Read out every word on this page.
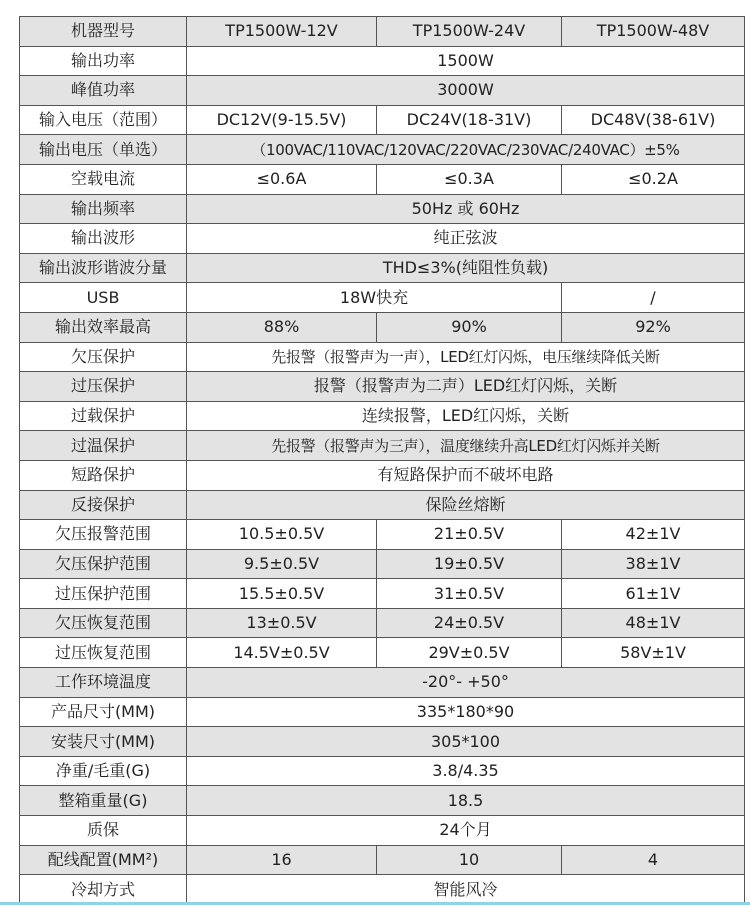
机器型号	TP1500W-12V	TP1500W-24V	TP1500W-48V
输出功率	1500W		
峰值功率	3000W		
输入电压（范围）	DC12V(9-15.5V)	DC24V(18-31V)	DC48V(38-61V)
输出电压（单选）	（100VAC/110VAC/120VAC/220VAC/230VAC/240VAC）±5%		
空载电流	≤0.6A	≤0.3A	≤0.2A
输出频率	50Hz 或 60Hz		
输出波形	纯正弦波		
输出波形谐波分量	THD≤3%(纯阻性负载)		
USB	18W快充		/
输出效率最高	88%	90%	92%
欠压保护	先报警（报警声为一声），LED红灯闪烁，电压继续降低关断		
过压保护	报警（报警声为二声）LED红灯闪烁，关断		
过载保护	连续报警，LED红闪烁，关断		
过温保护	先报警（报警声为三声），温度继续升高LED红灯闪烁并关断		
短路保护	有短路保护而不破坏电路		
反接保护	保险丝熔断		
欠压报警范围	10.5±0.5V	21±0.5V	42±1V
欠压保护范围	9.5±0.5V	19±0.5V	38±1V
过压保护范围	15.5±0.5V	31±0.5V	61±1V
欠压恢复范围	13±0.5V	24±0.5V	48±1V
过压恢复范围	14.5V±0.5V	29V±0.5V	58V±1V
工作环境温度	-20°- +50°		
产品尺寸(MM)	335*180*90		
安装尺寸(MM)	305*100		
净重/毛重(G)	3.8/4.35		
整箱重量(G)	18.5		
质保	24个月		
配线配置(MM²)	16	10	4
冷却方式	智能风冷		
